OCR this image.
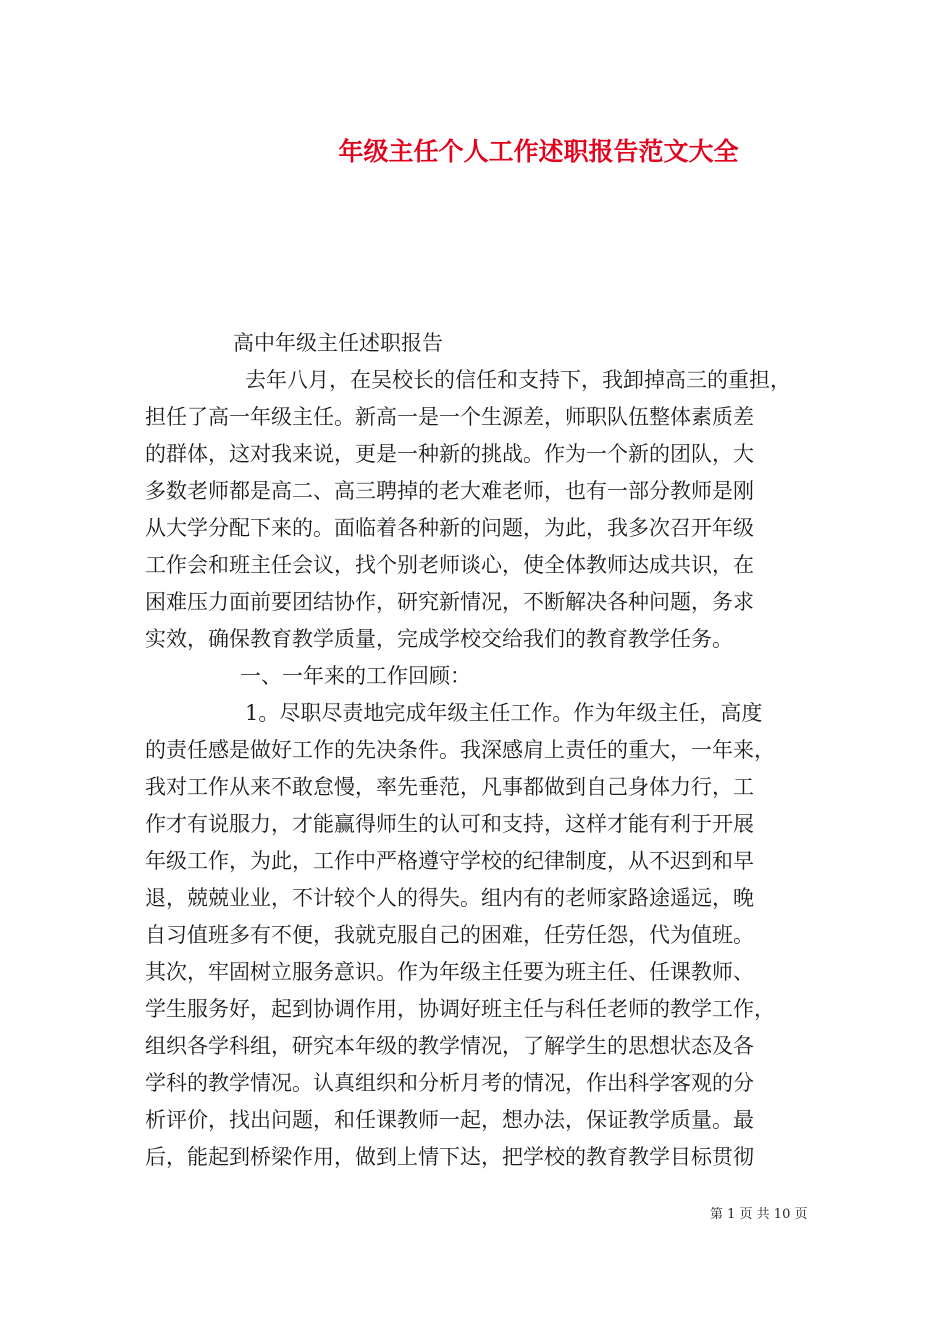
年级主任个人工作述职报告范文大全
高中年级主任述职报告
去年八月，在吴校长的信任和支持下，我卸掉高三的重担，
担任了高一年级主任。新高一是一个生源差，师职队伍整体素质差
的群体，这对我来说，更是一种新的挑战。作为一个新的团队，大
多数老师都是高二、高三聘掉的老大难老师，也有一部分教师是刚
从大学分配下来的。面临着各种新的问题，为此，我多次召开年级
工作会和班主任会议，找个别老师谈心，使全体教师达成共识，在
困难压力面前要团结协作，研究新情况，不断解决各种问题，务求
实效，确保教育教学质量，完成学校交给我们的教育教学任务。
一、一年来的工作回顾：
1。尽职尽责地完成年级主任工作。作为年级主任，高度
的责任感是做好工作的先决条件。我深感肩上责任的重大，一年来，
我对工作从来不敢怠慢，率先垂范，凡事都做到自己身体力行，工
作才有说服力，才能赢得师生的认可和支持，这样才能有利于开展
年级工作，为此，工作中严格遵守学校的纪律制度，从不迟到和早
退，兢兢业业，不计较个人的得失。组内有的老师家路途遥远，晚
自习值班多有不便，我就克服自己的困难，任劳任怨，代为值班。
其次，牢固树立服务意识。作为年级主任要为班主任、任课教师、
学生服务好，起到协调作用，协调好班主任与科任老师的教学工作，
组织各学科组，研究本年级的教学情况，了解学生的思想状态及各
学科的教学情况。认真组织和分析月考的情况，作出科学客观的分
析评价，找出问题，和任课教师一起，想办法，保证教学质量。最
后，能起到桥梁作用，做到上情下达，把学校的教育教学目标贯彻
第 1 页 共 10 页
